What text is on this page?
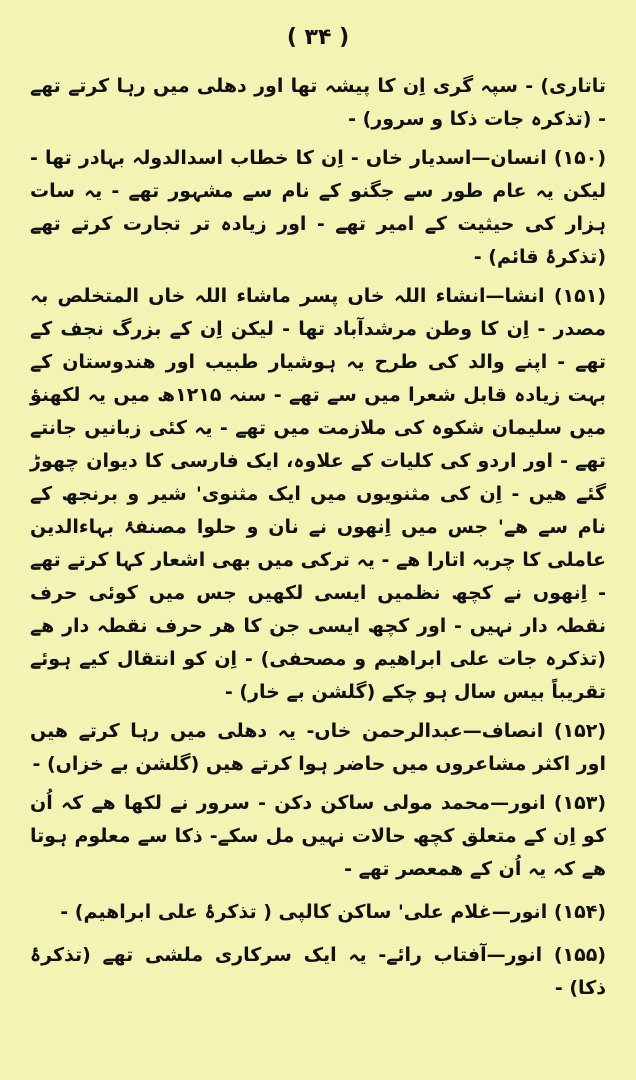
( ۳۴ )

تاتاری) - سپہ گری اِن کا پیشہ تھا اور دھلی میں رہا کرتے تھے - (تذکرہ جات ذکا و سرور) -

(۱۵۰) انسان—اسدیار خاں - اِن کا خطاب اسدالدولہ بہادر تھا - لیکن یہ عام طور سے جگنو کے نام سے مشہور تھے - یہ سات ہزار کی حیثیت کے امیر تھے - اور زیادہ تر تجارت کرتے تھے (تذکرۂ قائم) -

(۱۵۱) انشا—انشاء اللہ خاں پسر ماشاء اللہ خاں المتخلص بہ مصدر - اِن کا وطن مرشدآباد تھا - لیکن اِن کے بزرگ نجف کے تھے - اپنے والد کی طرح یہ ہوشیار طبیب اور ھندوستان کے بہت زیادہ قابل شعرا میں سے تھے - سنہ ۱۲۱۵ھ میں یہ لکھنؤ میں سلیمان شکوہ کی ملازمت میں تھے - یہ کئی زبانیں جانتے تھے - اور اردو کی کلیات کے علاوہ، ایک فارسی کا دیوان چھوڑ گئے ھیں - اِن کی مثنویوں میں ایک مثنوی' شیر و برنجھ کے نام سے ھے' جس میں اِنھوں نے نان و حلوا مصنفۂ بہاءالدین عاملی کا چربہ اتارا ھے - یہ ترکی میں بھی اشعار کہا کرتے تھے - اِنھوں نے کچھ نظمیں ایسی لکھیں جس میں کوئی حرف نقطہ دار نہیں - اور کچھ ایسی جن کا ھر حرف نقطہ دار ھے (تذکرہ جات علی ابراھیم و مصحفی) - اِن کو انتقال کیے ہوئے تقریباً بیس سال ہو چکے (گلشن بے خار) -

(۱۵۲) انصاف—عبدالرحمن خاں- یہ دھلی میں رہا کرتے ھیں اور اکثر مشاعروں میں حاضر ہوا کرتے ھیں (گلشن بے خزاں) -

(۱۵۳) انور—محمد مولی ساکن دکن - سرور نے لکھا ھے کہ اُن کو اِن کے متعلق کچھ حالات نہیں مل سکے- ذکا سے معلوم ہوتا ھے کہ یہ اُن کے ھمعصر تھے -

(۱۵۴) انور—غلام علی' ساکن کالپی ( تذکرۂ علی ابراھیم) -

(۱۵۵) انور—آفتاب رائے- یہ ایک سرکاری ملشی تھے (تذکرۂ ذکا) -
